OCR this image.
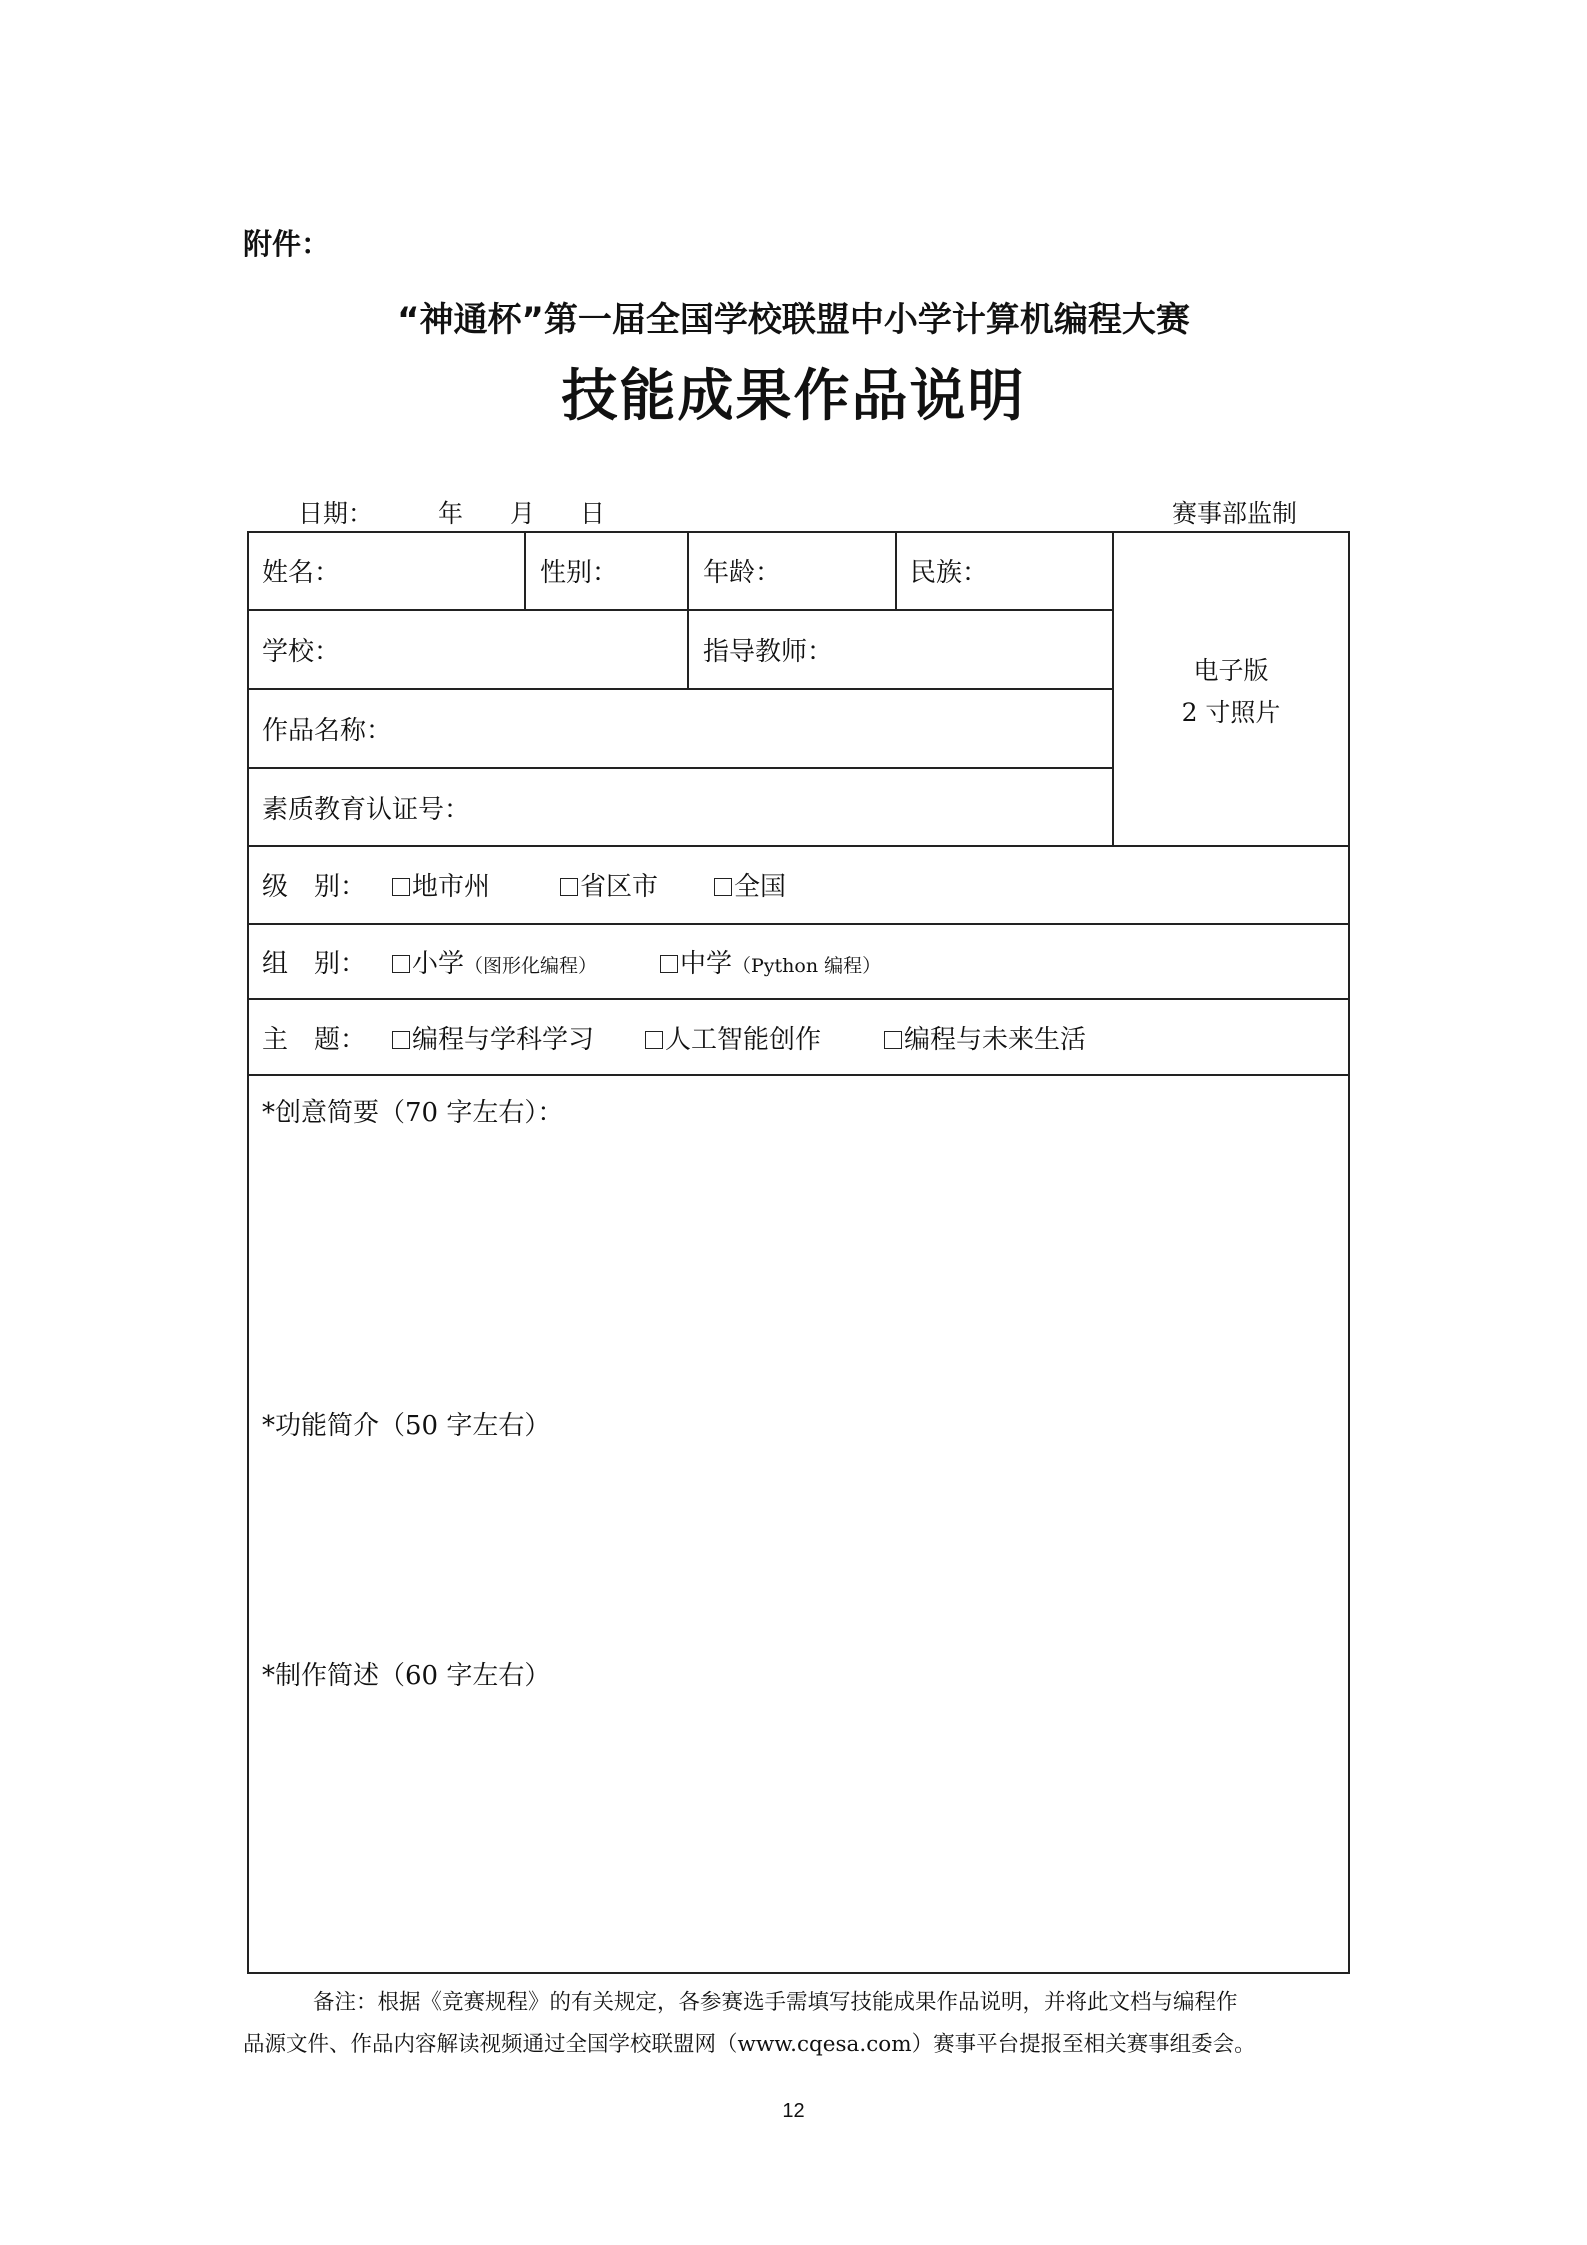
附件：
“神通杯”第一届全国学校联盟中小学计算机编程大赛
技能成果作品说明
日期：	年 月 日	赛事部监制
姓名：	性别：	年龄：	民族：
学校：	指导教师：
作品名称：
素质教育认证号：
电子版
2 寸照片
级　别：	地市州	省区市	全国
组　别：	小学（图形化编程）	中学（Python 编程）
主　题：	编程与学科学习	人工智能创作	编程与未来生活
*创意简要（70 字左右）：
*功能简介（50 字左右）
*制作简述（60 字左右）
备注：根据《竞赛规程》的有关规定，各参赛选手需填写技能成果作品说明，并将此文档与编程作
品源文件、作品内容解读视频通过全国学校联盟网（www.cqesa.com）赛事平台提报至相关赛事组委会。
12
